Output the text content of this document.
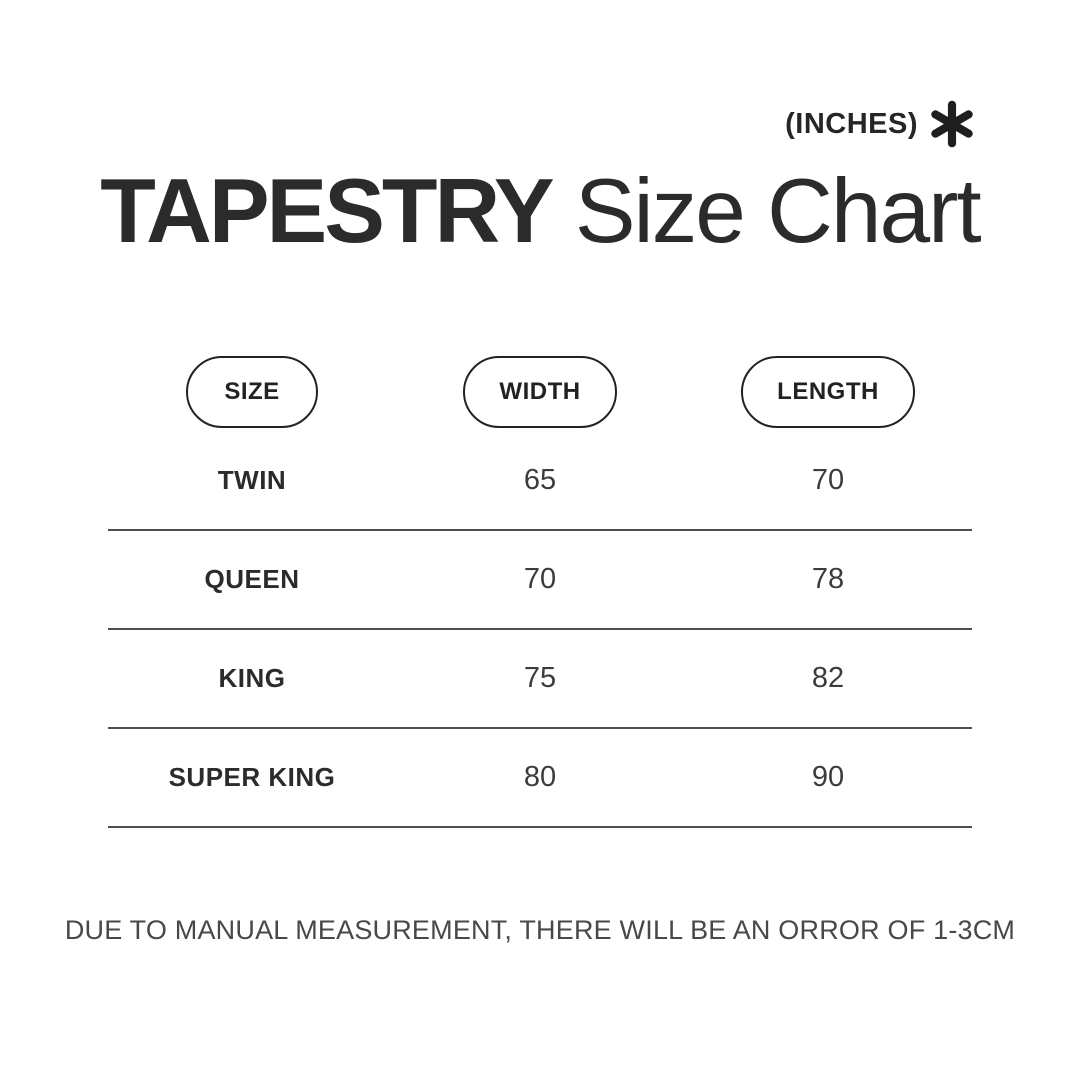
(INCHES)
TAPESTRY Size Chart
SIZE	WIDTH	LENGTH
TWIN	65	70
QUEEN	70	78
KING	75	82
SUPER KING	80	90
DUE TO MANUAL MEASUREMENT, THERE WILL BE AN ORROR OF 1-3CM
